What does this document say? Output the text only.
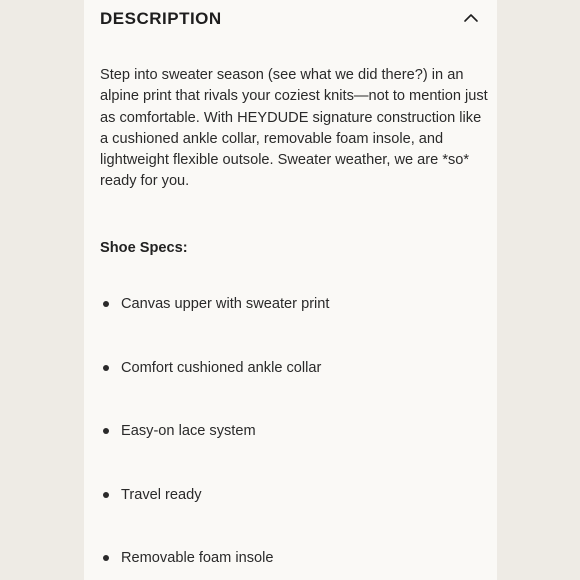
DESCRIPTION

Step into sweater season (see what we did there?) in an alpine print that rivals your coziest knits—not to mention just as comfortable. With HEYDUDE signature construction like a cushioned ankle collar, removable foam insole, and lightweight flexible outsole. Sweater weather, we are *so* ready for you.

Shoe Specs:

Canvas upper with sweater print
Comfort cushioned ankle collar
Easy-on lace system
Travel ready
Removable foam insole
